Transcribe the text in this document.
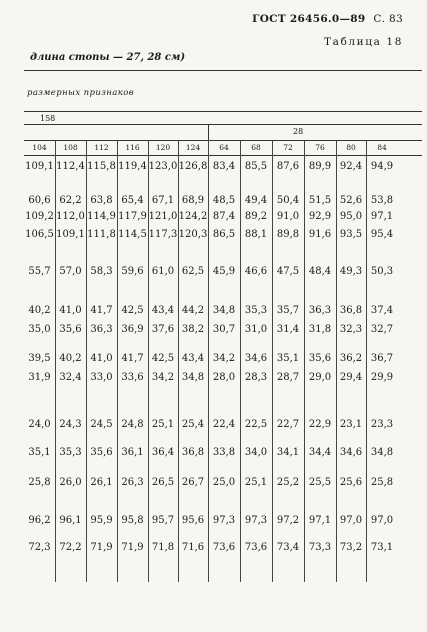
ГОСТ 26456.0—89 С. 83
Таблица 18
длина стопы — 27, 28 см)
размерных признаков
158
28
104	108	112	116	120	124	64	68	72	76	80	84
109,1 112,4 115,8 119,4 123,0 126,8 83,4 85,5 87,6 89,9 92,4 94,9
60,6 62,2 63,8 65,4 67,1 68,9 48,5 49,4 50,4 51,5 52,6 53,8
109,2 112,0 114,9 117,9 121,0 124,2 87,4 89,2 91,0 92,9 95,0 97,1
106,5 109,1 111,8 114,5 117,3 120,3 86,5 88,1 89,8 91,6 93,5 95,4
55,7 57,0 58,3 59,6 61,0 62,5 45,9 46,6 47,5 48,4 49,3 50,3
40,2 41,0 41,7 42,5 43,4 44,2 34,8 35,3 35,7 36,3 36,8 37,4
35,0 35,6 36,3 36,9 37,6 38,2 30,7 31,0 31,4 31,8 32,3 32,7
39,5 40,2 41,0 41,7 42,5 43,4 34,2 34,6 35,1 35,6 36,2 36,7
31,9 32,4 33,0 33,6 34,2 34,8 28,0 28,3 28,7 29,0 29,4 29,9
24,0 24,3 24,5 24,8 25,1 25,4 22,4 22,5 22,7 22,9 23,1 23,3
35,1 35,3 35,6 36,1 36,4 36,8 33,8 34,0 34,1 34,4 34,6 34,8
25,8 26,0 26,1 26,3 26,5 26,7 25,0 25,1 25,2 25,5 25,6 25,8
96,2 96,1 95,9 95,8 95,7 95,6 97,3 97,3 97,2 97,1 97,0 97,0
72,3 72,2 71,9 71,9 71,8 71,6 73,6 73,6 73,4 73,3 73,2 73,1
